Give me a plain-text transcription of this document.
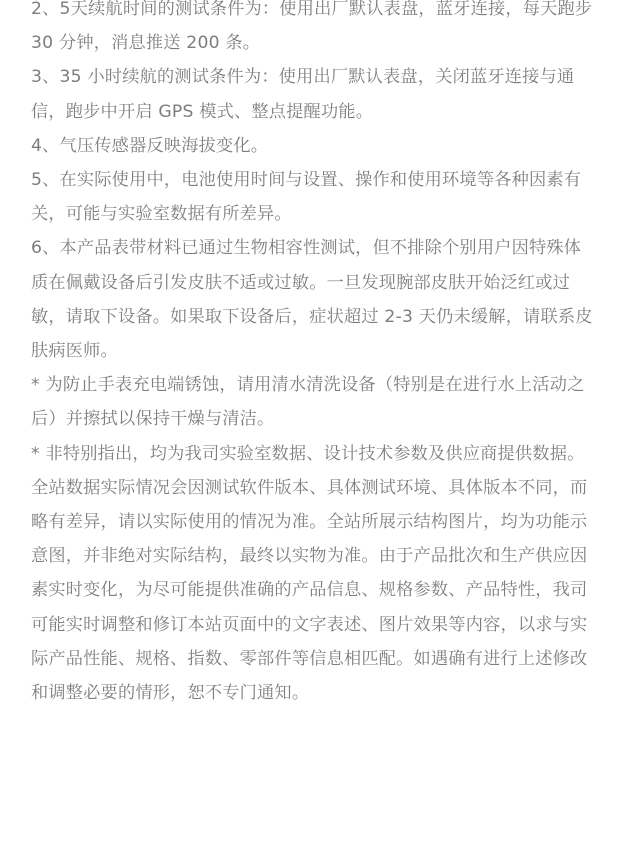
2、5天续航时间的测试条件为：使用出厂默认表盘，蓝牙连接，每天跑步 30 分钟，消息推送 200 条。

3、35 小时续航的测试条件为：使用出厂默认表盘，关闭蓝牙连接与通信，跑步中开启 GPS 模式、整点提醒功能。

4、气压传感器反映海拔变化。

5、在实际使用中，电池使用时间与设置、操作和使用环境等各种因素有关，可能与实验室数据有所差异。

6、本产品表带材料已通过生物相容性测试，但不排除个别用户因特殊体质在佩戴设备后引发皮肤不适或过敏。一旦发现腕部皮肤开始泛红或过敏，请取下设备。如果取下设备后，症状超过 2-3 天仍未缓解，请联系皮肤病医师。

* 为防止手表充电端锈蚀，请用清水清洗设备（特别是在进行水上活动之后）并擦拭以保持干燥与清洁。

* 非特别指出，均为我司实验室数据、设计技术参数及供应商提供数据。全站数据实际情况会因测试软件版本、具体测试环境、具体版本不同，而略有差异，请以实际使用的情况为准。全站所展示结构图片，均为功能示意图，并非绝对实际结构，最终以实物为准。由于产品批次和生产供应因素实时变化，为尽可能提供准确的产品信息、规格参数、产品特性，我司可能实时调整和修订本站页面中的文字表述、图片效果等内容，以求与实际产品性能、规格、指数、零部件等信息相匹配。如遇确有进行上述修改和调整必要的情形，恕不专门通知。
